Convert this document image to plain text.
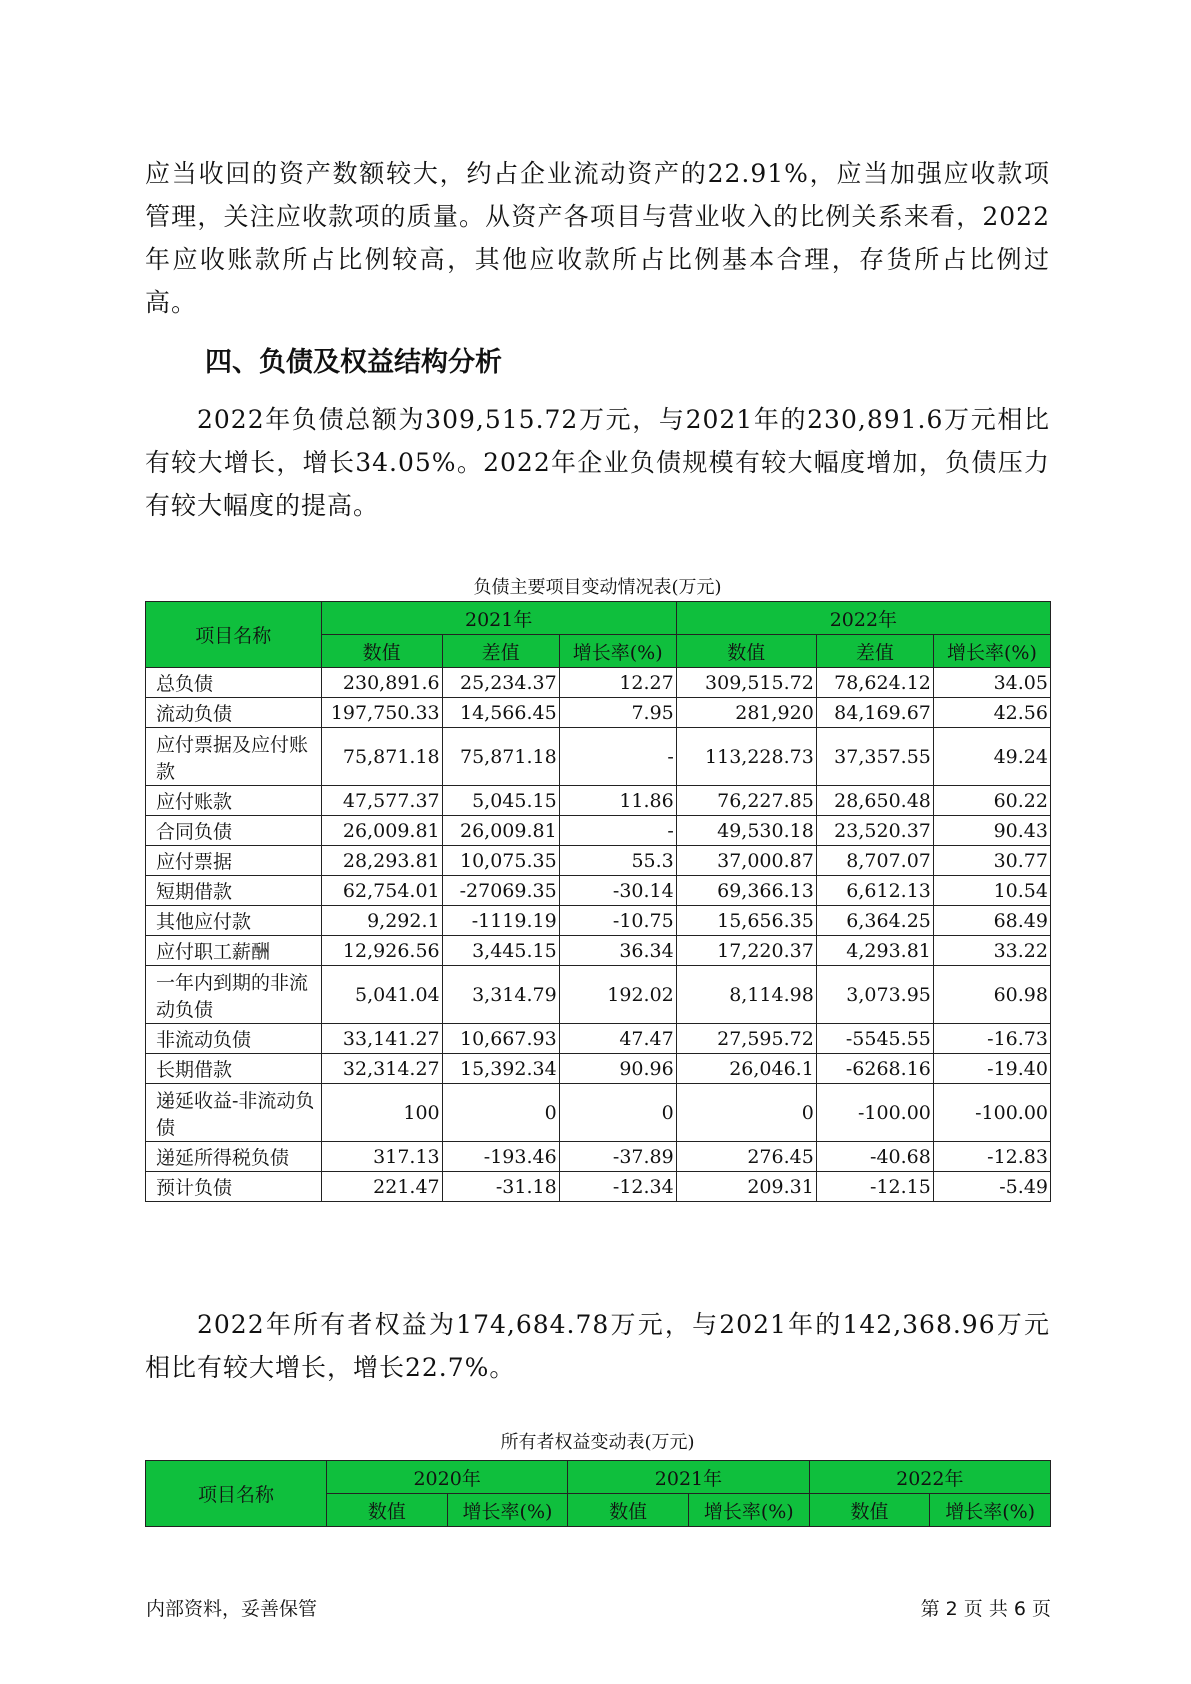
应当收回的资产数额较大，约占企业流动资产的22.91%，应当加强应收款项管理，关注应收款项的质量。从资产各项目与营业收入的比例关系来看，2022年应收账款所占比例较高，其他应收款所占比例基本合理，存货所占比例过高。

四、负债及权益结构分析

2022年负债总额为309,515.72万元，与2021年的230,891.6万元相比有较大增长，增长34.05%。2022年企业负债规模有较大幅度增加，负债压力有较大幅度的提高。

负债主要项目变动情况表(万元)
项目名称	2021年			2022年		
	数值	差值	增长率(%)	数值	差值	增长率(%)
总负债	230,891.6	25,234.37	12.27	309,515.72	78,624.12	34.05
流动负债	197,750.33	14,566.45	7.95	281,920	84,169.67	42.56
应付票据及应付账款	75,871.18	75,871.18	-	113,228.73	37,357.55	49.24
应付账款	47,577.37	5,045.15	11.86	76,227.85	28,650.48	60.22
合同负债	26,009.81	26,009.81	-	49,530.18	23,520.37	90.43
应付票据	28,293.81	10,075.35	55.3	37,000.87	8,707.07	30.77
短期借款	62,754.01	-27069.35	-30.14	69,366.13	6,612.13	10.54
其他应付款	9,292.1	-1119.19	-10.75	15,656.35	6,364.25	68.49
应付职工薪酬	12,926.56	3,445.15	36.34	17,220.37	4,293.81	33.22
一年内到期的非流动负债	5,041.04	3,314.79	192.02	8,114.98	3,073.95	60.98
非流动负债	33,141.27	10,667.93	47.47	27,595.72	-5545.55	-16.73
长期借款	32,314.27	15,392.34	90.96	26,046.1	-6268.16	-19.40
递延收益-非流动负债	100	0	0	0	-100.00	-100.00
递延所得税负债	317.13	-193.46	-37.89	276.45	-40.68	-12.83
预计负债	221.47	-31.18	-12.34	209.31	-12.15	-5.49

2022年所有者权益为174,684.78万元，与2021年的142,368.96万元相比有较大增长，增长22.7%。

所有者权益变动表(万元)
项目名称	2020年		2021年		2022年	
	数值	增长率(%)	数值	增长率(%)	数值	增长率(%)
内部资料，妥善保管	第 2 页 共 6 页
